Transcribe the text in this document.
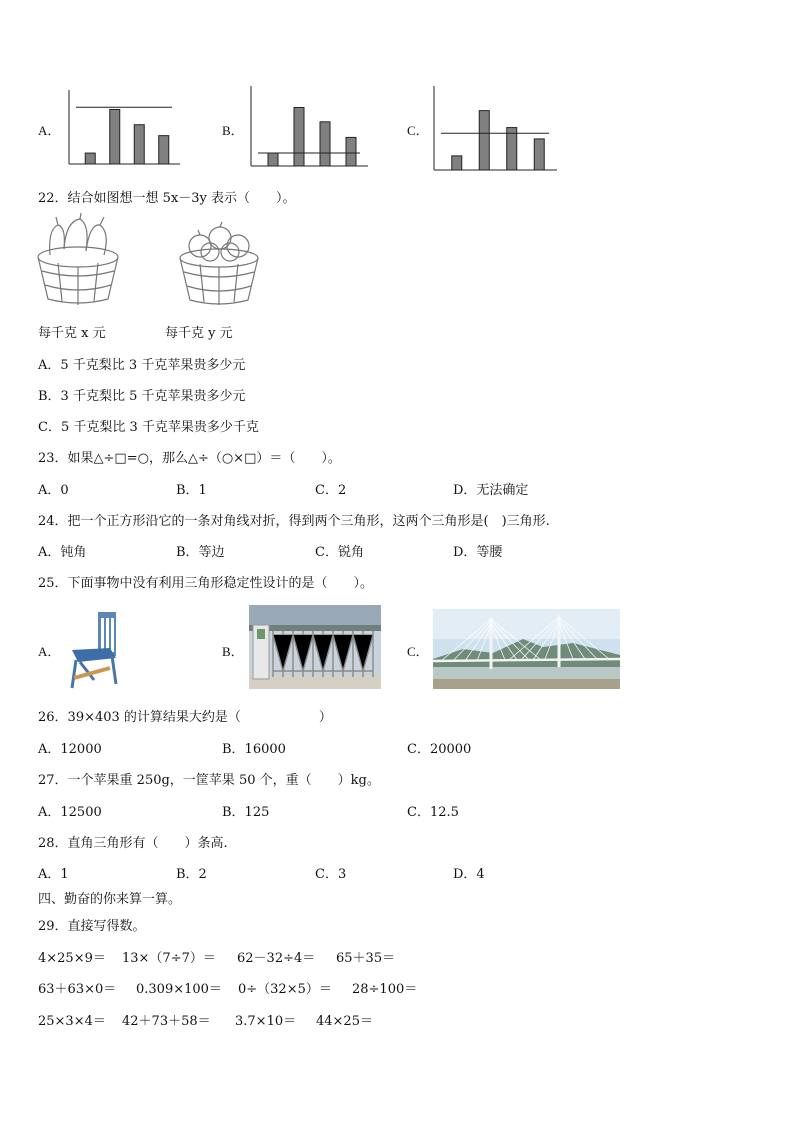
A．	B．	C．
22．结合如图想一想 5x－3y 表示（　　）。
每千克 x 元	每千克 y 元
A．5 千克梨比 3 千克苹果贵多少元
B．3 千克梨比 5 千克苹果贵多少元
C．5 千克梨比 3 千克苹果贵多少千克
23．如果△÷□=○，那么△÷（○×□）＝（　　）。
A．0	B．1	C．2	D．无法确定
24．把一个正方形沿它的一条对角线对折，得到两个三角形，这两个三角形是(　)三角形.
A．钝角	B．等边	C．锐角	D．等腰
25．下面事物中没有利用三角形稳定性设计的是（　　）。
A．	B．	C．
26．39×403 的计算结果大约是（　　　　　　）
A．12000	B．16000	C．20000
27．一个苹果重 250g，一筐苹果 50 个，重（　　）kg。
A．12500	B．125	C．12.5
28．直角三角形有（　　）条高.
A．1	B．2	C．3	D．4
四、勤奋的你来算一算。
29．直接写得数。
4×25×9＝ 13×（7÷7）＝ 62－32÷4＝ 65＋35＝
63＋63×0＝ 0.309×100＝ 0÷（32×5）＝ 28÷100＝
25×3×4＝ 42＋73＋58＝ 3.7×10＝ 44×25＝
